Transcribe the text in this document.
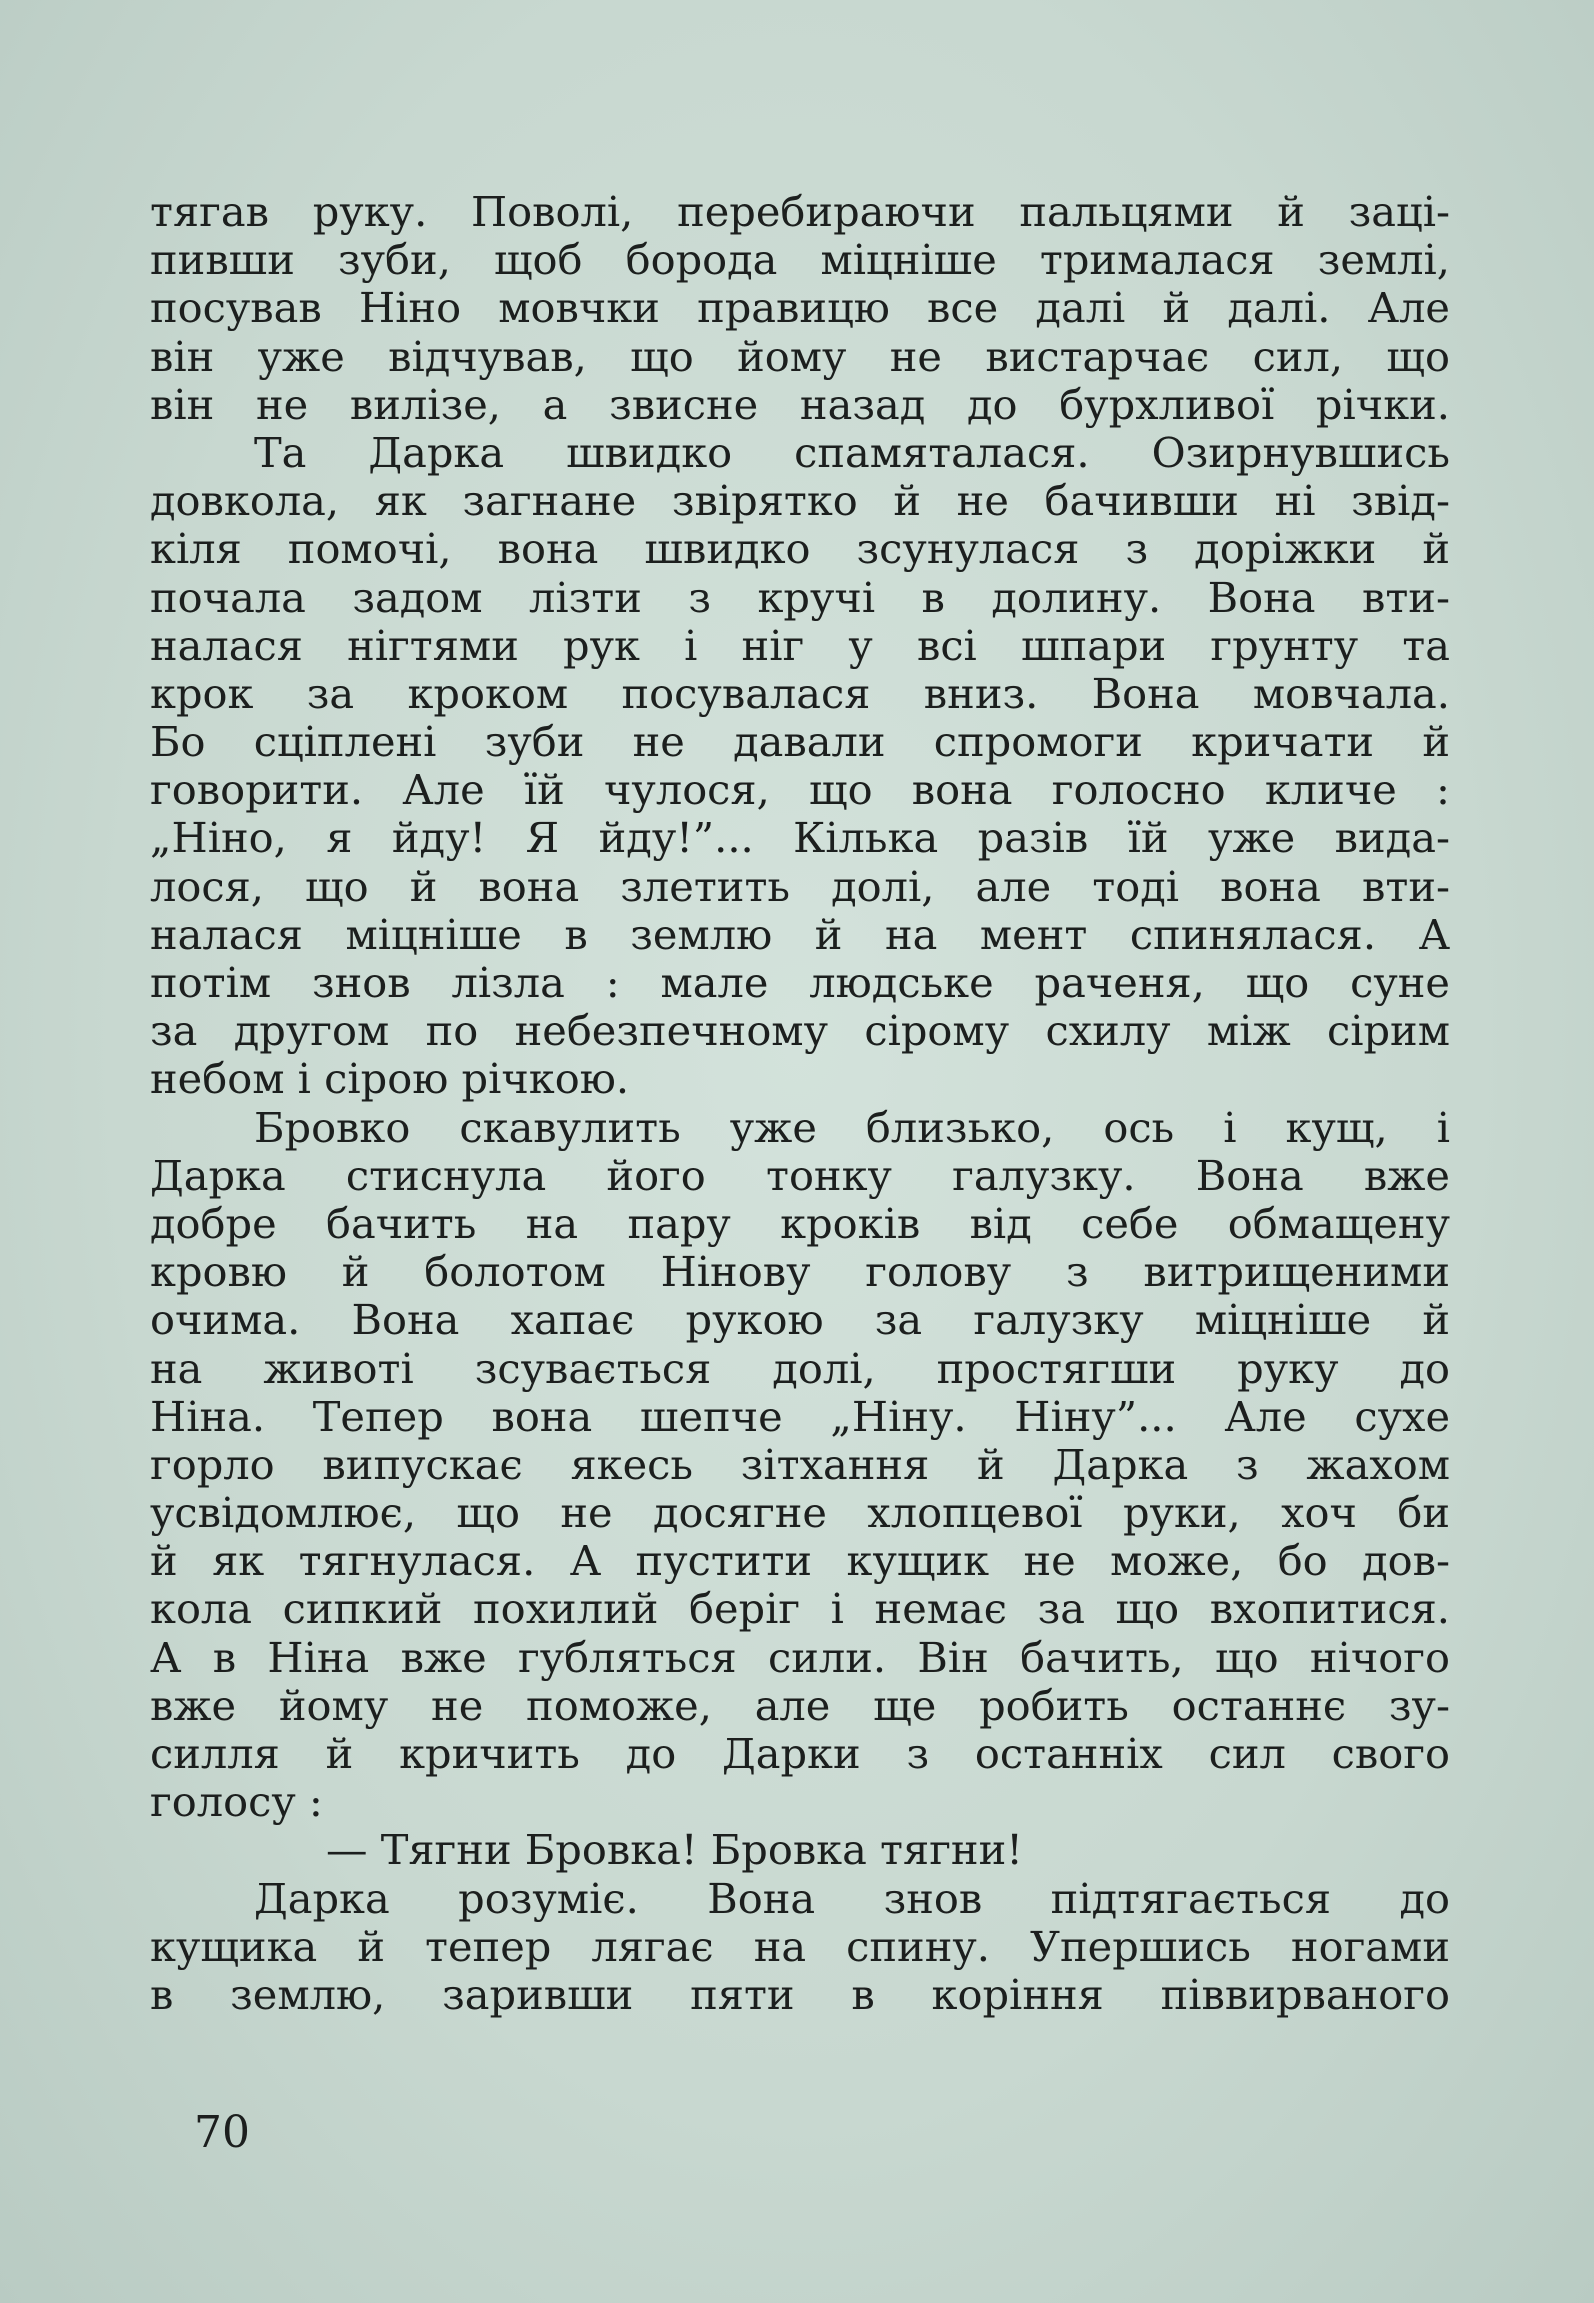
тягав руку. Поволі, перебираючи пальцями й заці-
пивши зуби, щоб борода міцніше трималася землі,
посував Ніно мовчки правицю все далі й далі. Але
він уже відчував, що йому не вистарчає сил, що
він не вилізе, а звисне назад до бурхливої річки.
Та Дарка швидко спамяталася. Озирнувшись
довкола, як загнане звірятко й не бачивши ні звід-
кіля помочі, вона швидко зсунулася з доріжки й
почала задом лізти з кручі в долину. Вона вти-
налася нігтями рук і ніг у всі шпари грунту та
крок за кроком посувалася вниз. Вона мовчала.
Бо сціплені зуби не давали спромоги кричати й
говорити. Але їй чулося, що вона голосно кличе :
„Ніно, я йду! Я йду!”... Кілька разів їй уже вида-
лося, що й вона злетить долі, але тоді вона вти-
налася міцніше в землю й на мент спинялася. А
потім знов лізла : мале людське раченя, що суне
за другом по небезпечному сірому схилу між сірим
небом і сірою річкою.
Бровко скавулить уже близько, ось і кущ, і
Дарка стиснула його тонку галузку. Вона вже
добре бачить на пару кроків від себе обмащену
кровю й болотом Нінову голову з витрищеними
очима. Вона хапає рукою за галузку міцніше й
на животі зсувається долі, простягши руку до
Ніна. Тепер вона шепче „Ніну. Ніну”... Але сухе
горло випускає якесь зітхання й Дарка з жахом
усвідомлює, що не досягне хлопцевої руки, хоч би
й як тягнулася. А пустити кущик не може, бо дов-
кола сипкий похилий беріг і немає за що вхопитися.
А в Ніна вже губляться сили. Він бачить, що нічого
вже йому не поможе, але ще робить останнє зу-
силля й кричить до Дарки з останніх сил свого
голосу :
— Тягни Бровка! Бровка тягни!
Дарка розуміє. Вона знов підтягається до
кущика й тепер лягає на спину. Упершись ногами
в землю, заривши пяти в коріння піввирваного
70
